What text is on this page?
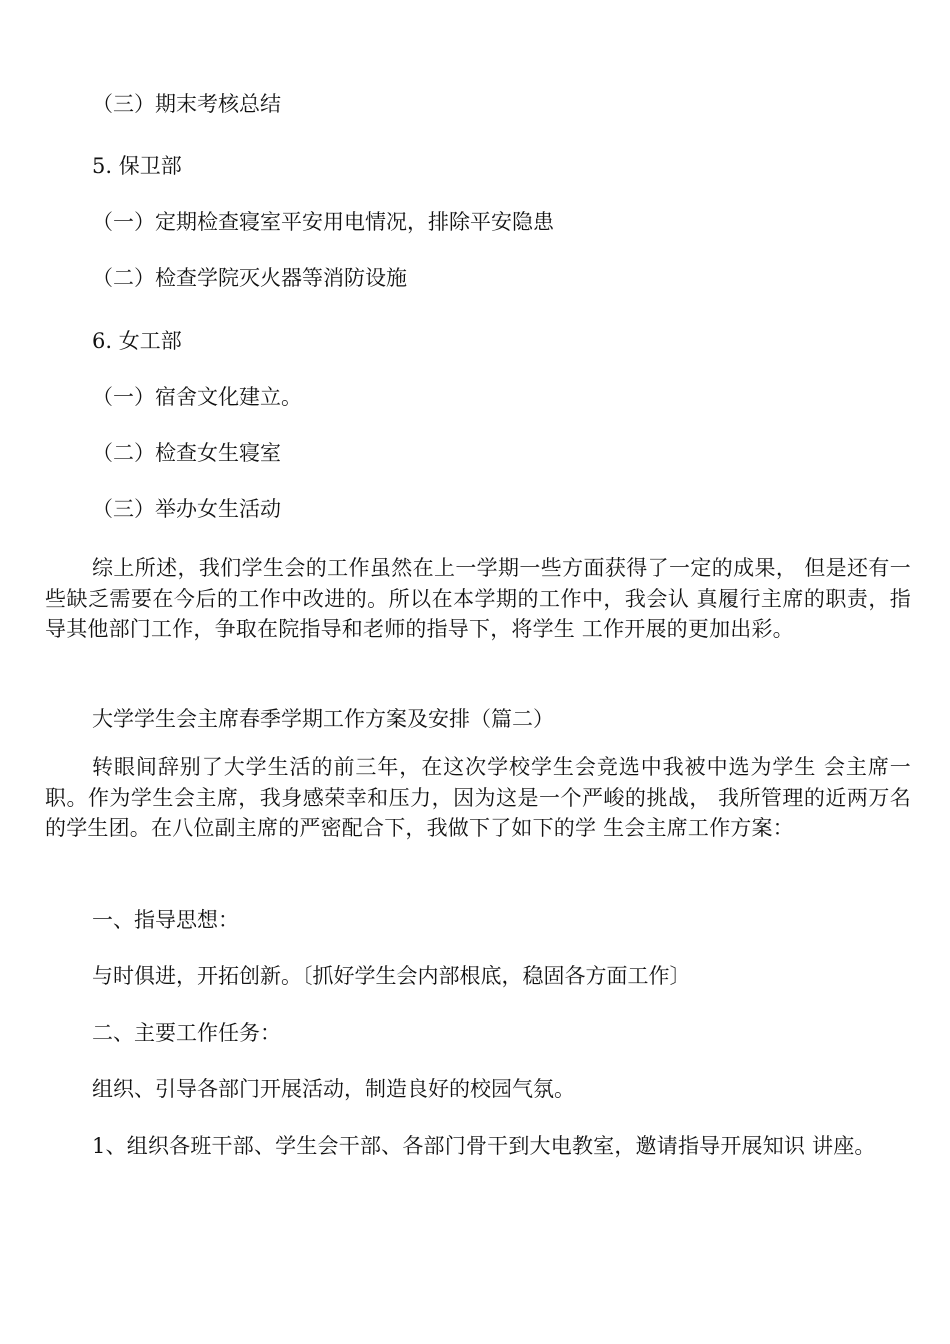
（三）期末考核总结
5. 保卫部
（一）定期检查寝室平安用电情况，排除平安隐患
（二）检查学院灭火器等消防设施
6. 女工部
（一）宿舍文化建立。
（二）检查女生寝室
（三）举办女生活动
综上所述，我们学生会的工作虽然在上一学期一些方面获得了一定的成果， 但是还有一些缺乏需要在今后的工作中改进的。所以在本学期的工作中，我会认 真履行主席的职责，指导其他部门工作，争取在院指导和老师的指导下，将学生 工作开展的更加出彩。
大学学生会主席春季学期工作方案及安排（篇二）
转眼间辞别了大学生活的前三年，在这次学校学生会竞选中我被中选为学生 会主席一职。作为学生会主席，我身感荣幸和压力，因为这是一个严峻的挑战， 我所管理的近两万名的学生团。在八位副主席的严密配合下，我做下了如下的学 生会主席工作方案：
一、指导思想：
与时俱进，开拓创新。〔抓好学生会内部根底，稳固各方面工作〕
二、主要工作任务：
组织、引导各部门开展活动，制造良好的校园气氛。
1、组织各班干部、学生会干部、各部门骨干到大电教室，邀请指导开展知识 讲座。
